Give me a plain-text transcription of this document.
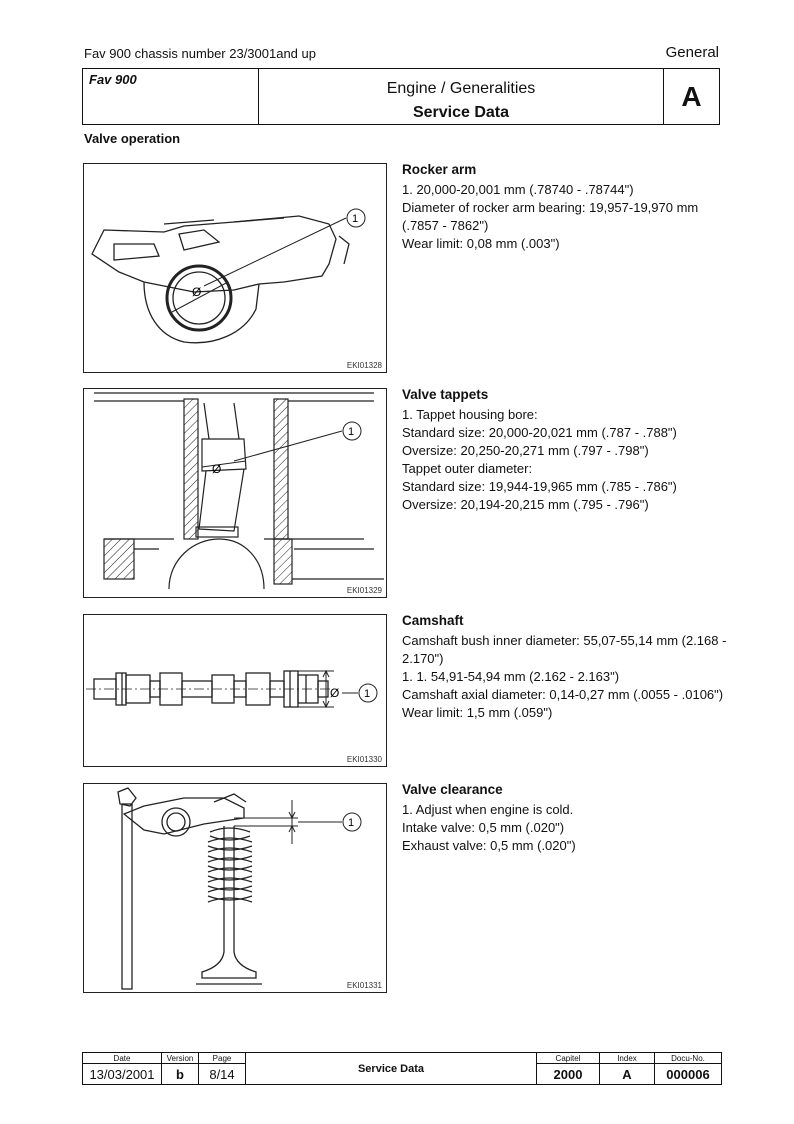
Fav 900 chassis number 23/3001and up	General
Fav 900
Engine / Generalities
Service Data
A
Valve operation
Ø
1
EKI01328
Rocker arm
1. 20,000-20,001 mm (.78740 - .78744")
Diameter of rocker arm bearing: 19,957-19,970 mm (.7857 - 7862")
Wear limit: 0,08 mm (.003")
Ø
1
EKI01329
Valve tappets
1. Tappet housing bore:
Standard size: 20,000-20,021 mm (.787 - .788")
Oversize: 20,250-20,271 mm (.797 - .798")
Tappet outer diameter:
Standard size: 19,944-19,965 mm (.785 - .786")
Oversize: 20,194-20,215 mm (.795 - .796")
Ø 1
EKI01330
Camshaft
Camshaft bush inner diameter: 55,07-55,14 mm (2.168 - 2.170")
1. 1. 54,91-54,94 mm (2.162 - 2.163")
Camshaft axial diameter: 0,14-0,27 mm (.0055 - .0106")
Wear limit: 1,5 mm (.059")
1
EKI01331
Valve clearance
1. Adjust when engine is cold.
Intake valve: 0,5 mm (.020")
Exhaust valve: 0,5 mm (.020")
Date	Version	Page	Service Data	Capitel	Index	Docu-No.
13/03/2001	b	8/14		2000	A	000006
